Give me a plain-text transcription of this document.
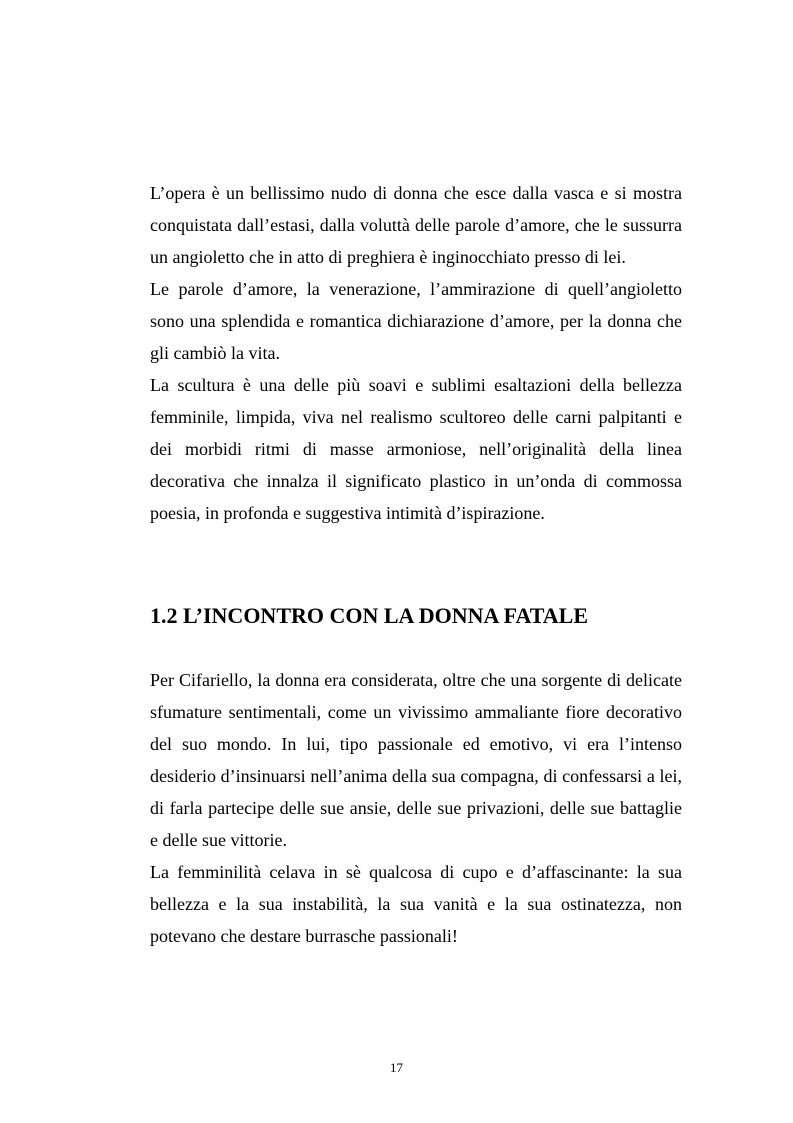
L’opera è un bellissimo nudo di donna che esce dalla vasca e si mostra conquistata dall’estasi, dalla voluttà delle parole d’amore, che le sussurra un angioletto che in atto di preghiera è inginocchiato presso di lei.

Le parole d’amore, la venerazione, l’ammirazione di quell’angioletto sono una splendida e romantica dichiarazione d’amore, per la donna che gli cambiò la vita.

La scultura è una delle più soavi e sublimi esaltazioni della bellezza femminile, limpida, viva nel realismo scultoreo delle carni palpitanti e dei morbidi ritmi di masse armoniose, nell’originalità della linea decorativa che innalza il significato plastico in un’onda di commossa poesia, in profonda e suggestiva intimità d’ispirazione.

1.2 L’INCONTRO CON LA DONNA FATALE

Per Cifariello, la donna era considerata, oltre che una sorgente di delicate sfumature sentimentali, come un vivissimo ammaliante fiore decorativo del suo mondo. In lui, tipo passionale ed emotivo, vi era l’intenso desiderio d’insinuarsi nell’anima della sua compagna, di confessarsi a lei, di farla partecipe delle sue ansie, delle sue privazioni, delle sue battaglie e delle sue vittorie.

La femminilità celava in sè qualcosa di cupo e d’affascinante: la sua bellezza e la sua instabilità, la sua vanità e la sua ostinatezza, non potevano che destare burrasche passionali!

17
